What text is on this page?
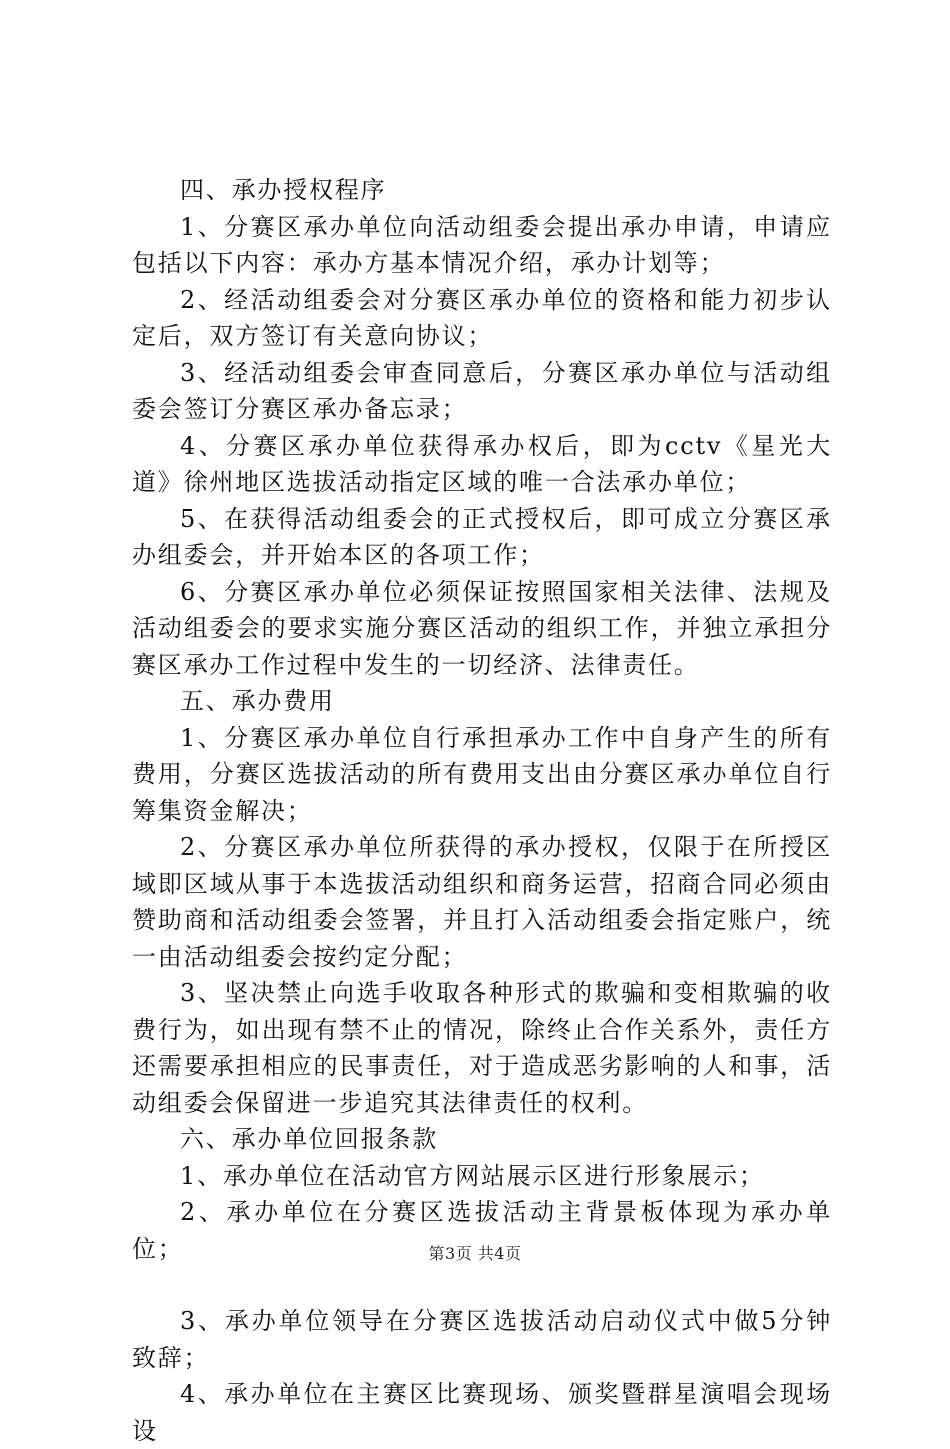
四、承办授权程序

1、分赛区承办单位向活动组委会提出承办申请，申请应包括以下内容：承办方基本情况介绍，承办计划等；

2、经活动组委会对分赛区承办单位的资格和能力初步认定后，双方签订有关意向协议；

3、经活动组委会审查同意后，分赛区承办单位与活动组委会签订分赛区承办备忘录；

4、分赛区承办单位获得承办权后，即为cctv《星光大道》徐州地区选拔活动指定区域的唯一合法承办单位；

5、在获得活动组委会的正式授权后，即可成立分赛区承办组委会，并开始本区的各项工作；

6、分赛区承办单位必须保证按照国家相关法律、法规及活动组委会的要求实施分赛区活动的组织工作，并独立承担分赛区承办工作过程中发生的一切经济、法律责任。

五、承办费用

1、分赛区承办单位自行承担承办工作中自身产生的所有费用，分赛区选拔活动的所有费用支出由分赛区承办单位自行筹集资金解决；

2、分赛区承办单位所获得的承办授权，仅限于在所授区域即区域从事于本选拔活动组织和商务运营，招商合同必须由赞助商和活动组委会签署，并且打入活动组委会指定账户，统一由活动组委会按约定分配；

3、坚决禁止向选手收取各种形式的欺骗和变相欺骗的收费行为，如出现有禁不止的情况，除终止合作关系外，责任方还需要承担相应的民事责任，对于造成恶劣影响的人和事，活动组委会保留进一步追究其法律责任的权利。

六、承办单位回报条款

1、承办单位在活动官方网站展示区进行形象展示；

2、承办单位在分赛区选拔活动主背景板体现为承办单位；

3、承办单位领导在分赛区选拔活动启动仪式中做5分钟致辞；

4、承办单位在主赛区比赛现场、颁奖暨群星演唱会现场设

第3页 共4页
